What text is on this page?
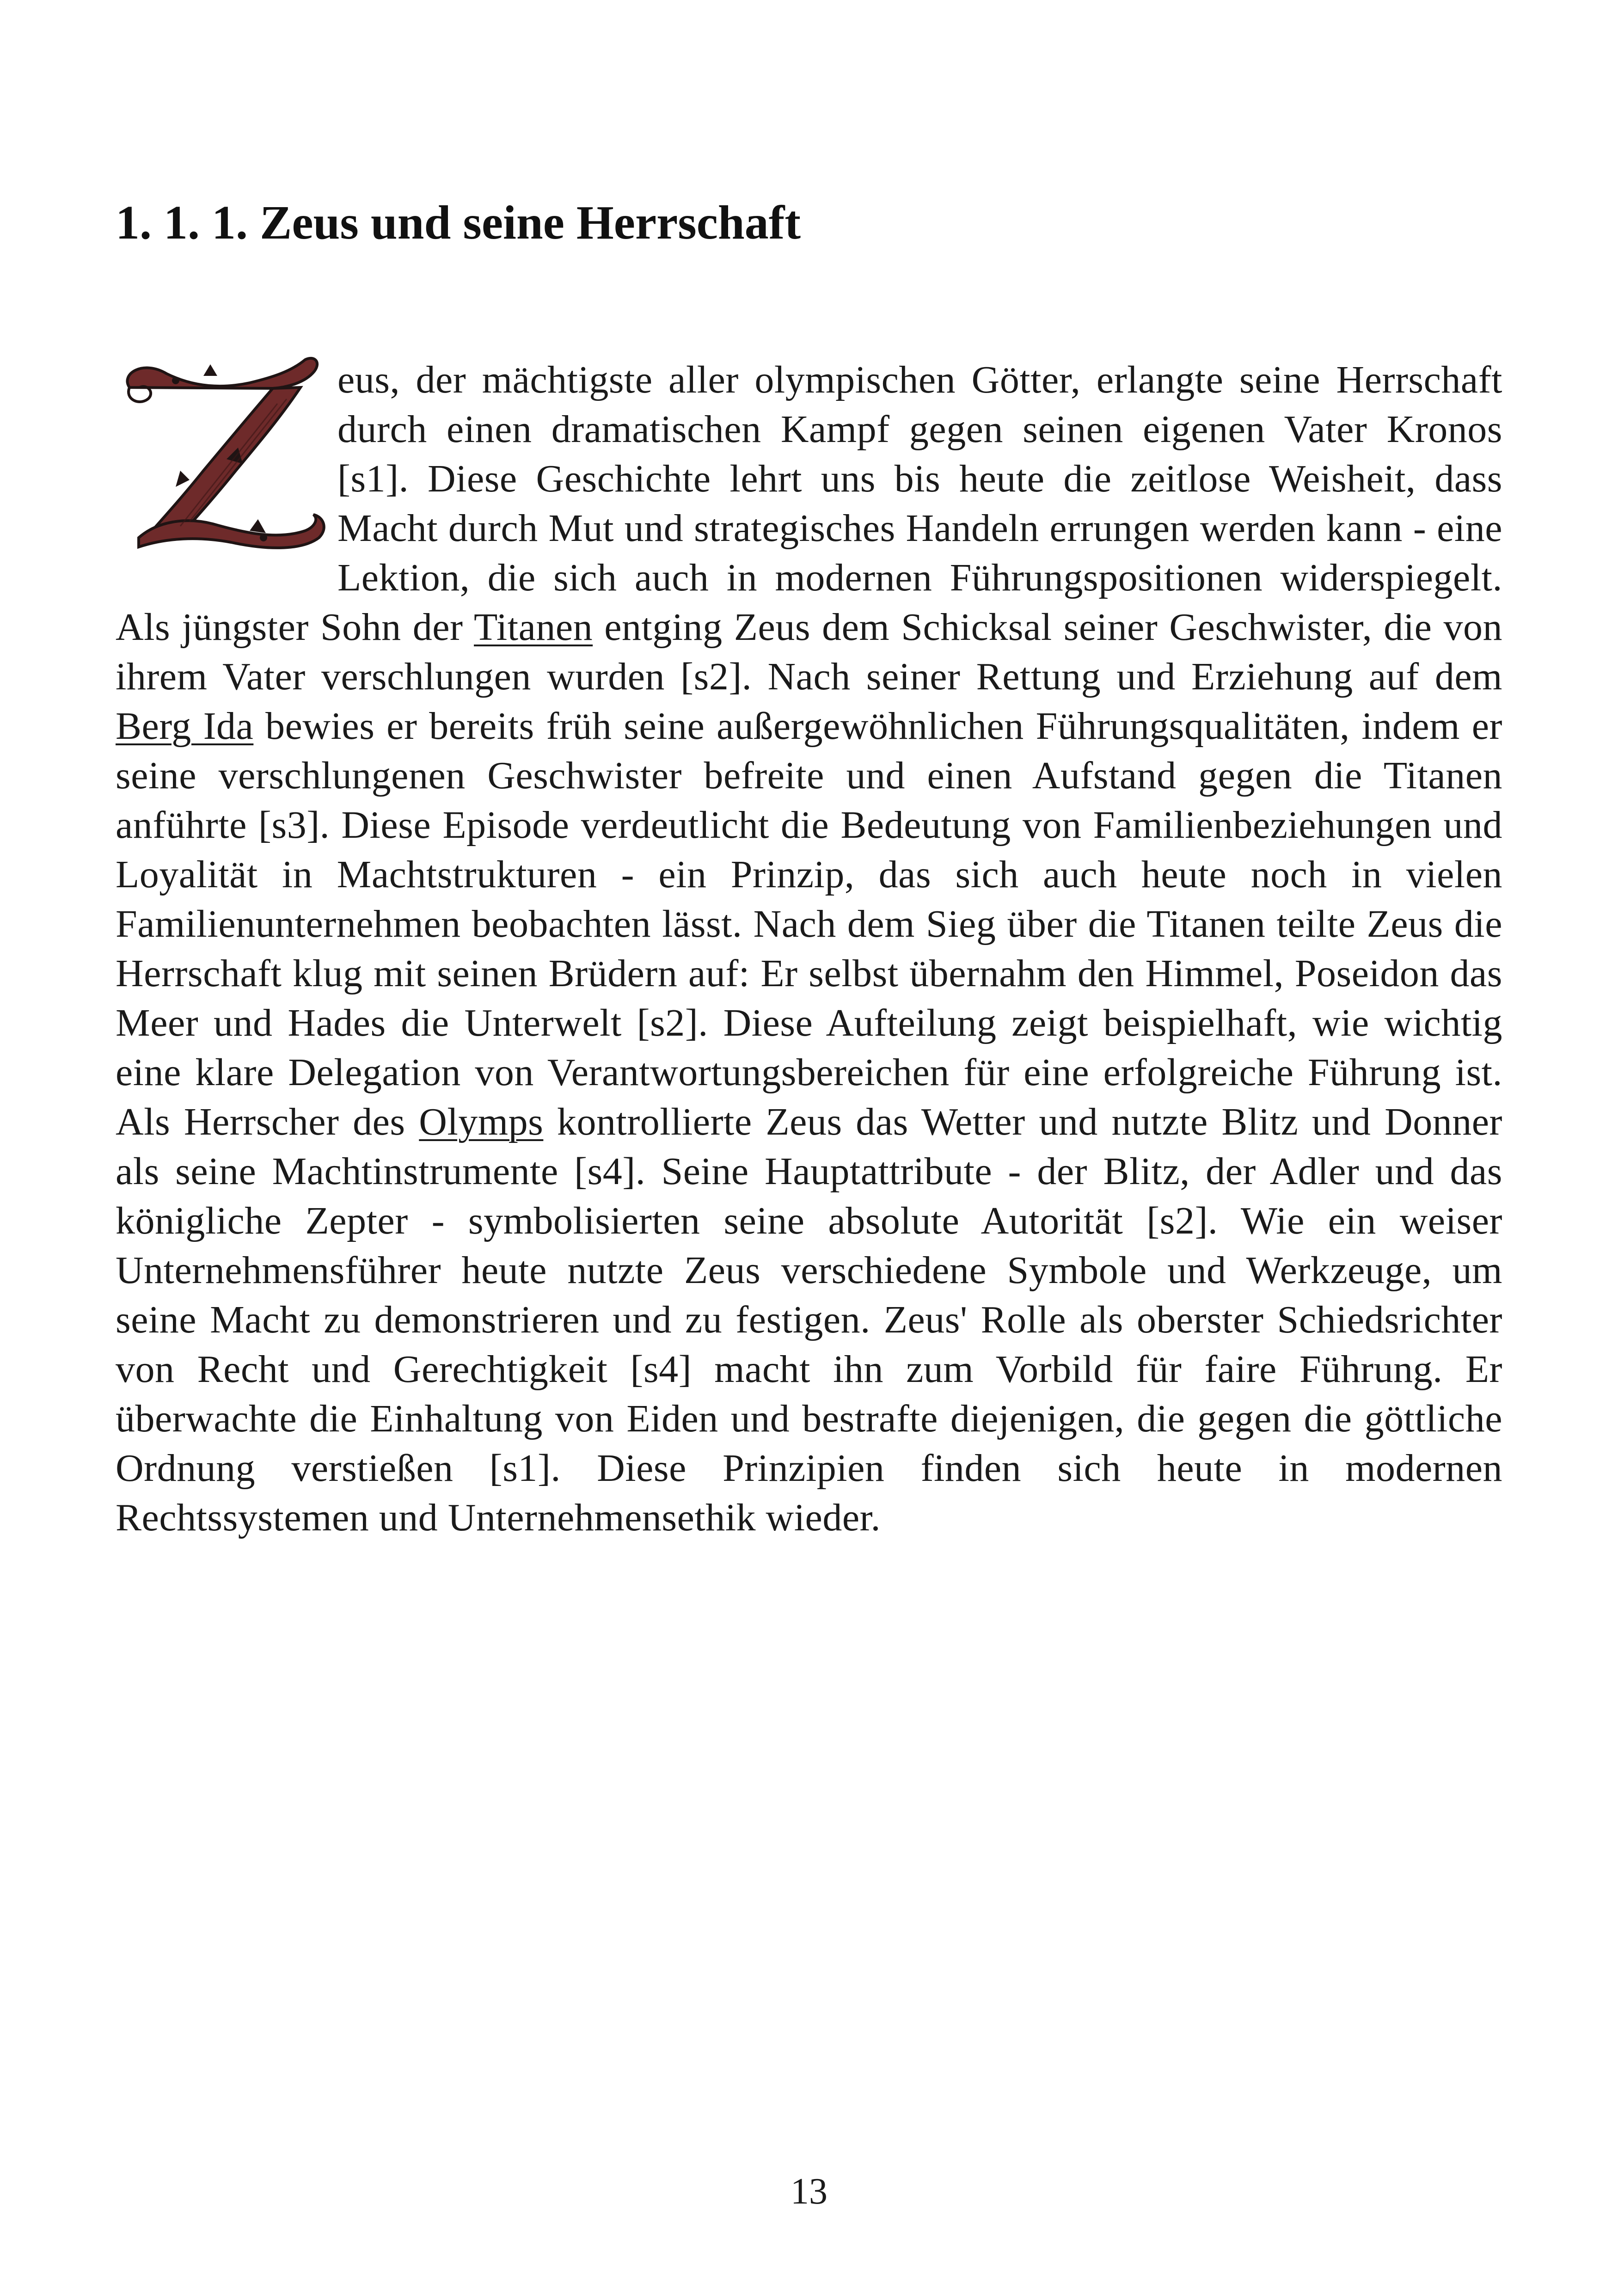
1. 1. 1. Zeus und seine Herrschaft

eus, der mächtigste aller olympischen Götter, erlangte seine Herrschaft durch einen dramatischen Kampf gegen seinen eigenen Vater Kronos [s1]. Diese Geschichte lehrt uns bis heute die zeitlose Weisheit, dass Macht durch Mut und strategisches Handeln errungen werden kann - eine Lektion, die sich auch in modernen Führungspositionen widerspiegelt. Als jüngster Sohn der Titanen entging Zeus dem Schicksal seiner Geschwister, die von ihrem Vater verschlungen wurden [s2]. Nach seiner Rettung und Erziehung auf dem Berg Ida bewies er bereits früh seine außergewöhnlichen Führungsqualitäten, indem er seine verschlungenen Geschwister befreite und einen Aufstand gegen die Titanen anführte [s3]. Diese Episode verdeutlicht die Bedeutung von Familienbeziehungen und Loyalität in Machtstrukturen - ein Prinzip, das sich auch heute noch in vielen Familienunternehmen beobachten lässt. Nach dem Sieg über die Titanen teilte Zeus die Herrschaft klug mit seinen Brüdern auf: Er selbst übernahm den Himmel, Poseidon das Meer und Hades die Unterwelt [s2]. Diese Aufteilung zeigt beispielhaft, wie wichtig eine klare Delegation von Verantwortungsbereichen für eine erfolgreiche Führung ist. Als Herrscher des Olymps kontrollierte Zeus das Wetter und nutzte Blitz und Donner als seine Machtinstrumente [s4]. Seine Hauptattribute - der Blitz, der Adler und das königliche Zepter - symbolisierten seine absolute Autorität [s2]. Wie ein weiser Unternehmensführer heute nutzte Zeus verschiedene Symbole und Werkzeuge, um seine Macht zu demonstrieren und zu festigen. Zeus' Rolle als oberster Schiedsrichter von Recht und Gerechtigkeit [s4] macht ihn zum Vorbild für faire Führung. Er überwachte die Einhaltung von Eiden und bestrafte diejenigen, die gegen die göttliche Ordnung verstießen [s1]. Diese Prinzipien finden sich heute in modernen Rechtssystemen und Unternehmensethik wieder.

13
